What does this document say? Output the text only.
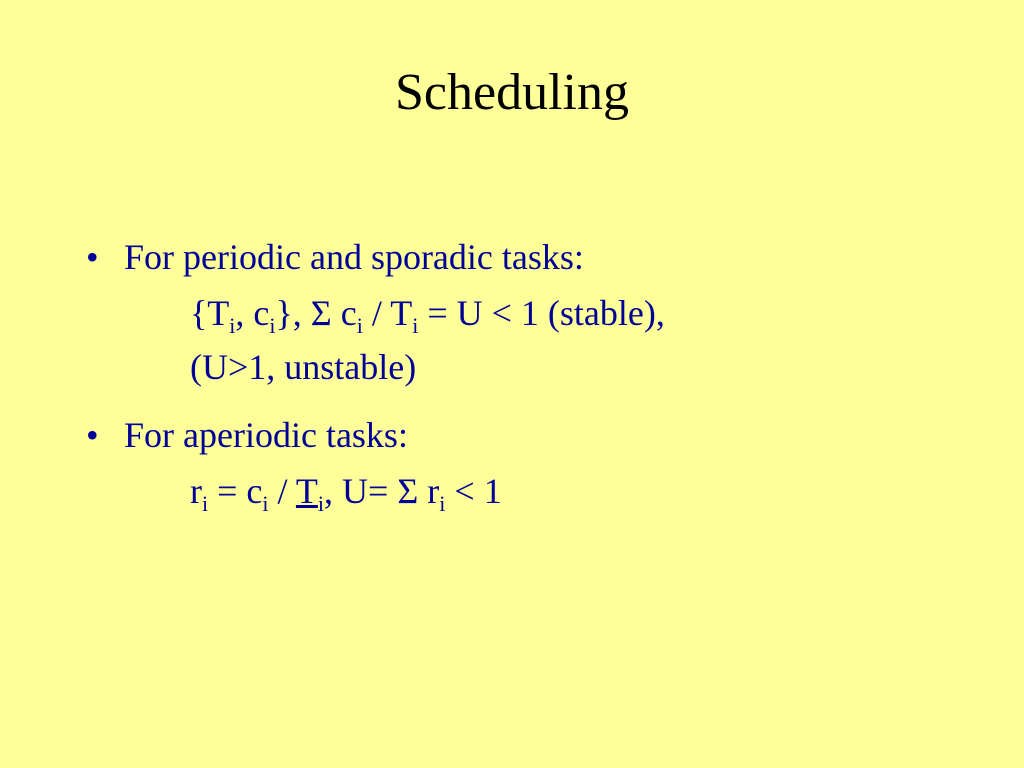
Scheduling
• For periodic and sporadic tasks:
{$T_i$, $c_i$}, Σ $c_i / T_i = U < 1$ (stable),
(U>1, unstable)
• For aperiodic tasks:
$r_i = c_i / T_i$, U= Σ $r_i < 1$
